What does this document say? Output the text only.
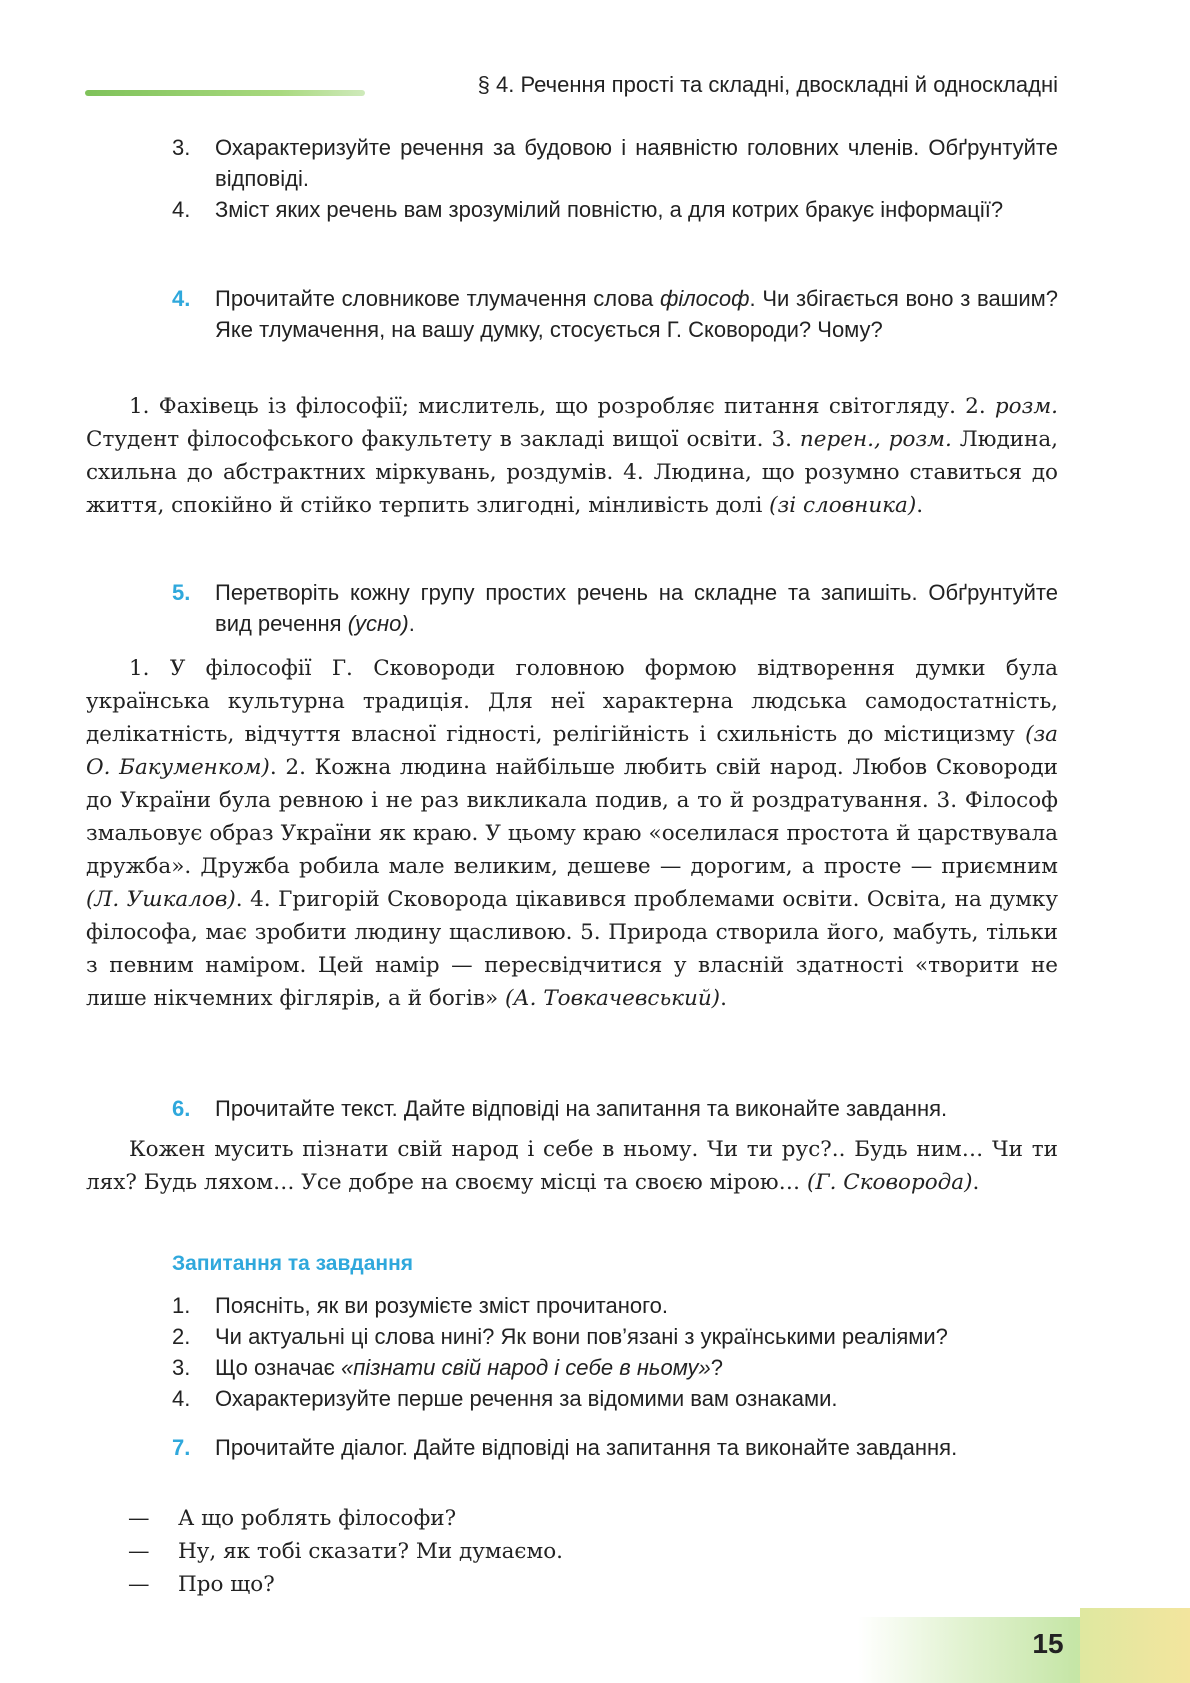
§ 4. Речення прості та складні, двоскладні й односкладні
3. Охарактеризуйте речення за будовою і наявністю головних членів. Обґрунтуйте відповіді.
4. Зміст яких речень вам зрозумілий повністю, а для котрих бракує інформації?
4. Прочитайте словникове тлумачення слова філософ. Чи збігається воно з вашим? Яке тлумачення, на вашу думку, стосується Г. Сковороди? Чому?

1. Фахівець із філософії; мислитель, що розробляє питання світогляду. 2. розм. Студент філософського факультету в закладі вищої освіти. 3. перен., розм. Людина, схильна до абстрактних міркувань, роздумів. 4. Людина, що розумно ставиться до життя, спокійно й стійко терпить злигодні, мінливість долі (зі словника).

5. Перетворіть кожну групу простих речень на складне та запишіть. Обґрунтуйте вид речення (усно).

1. У філософії Г. Сковороди головною формою відтворення думки була українська культурна традиція. Для неї характерна людська самодостатність, делікатність, відчуття власної гідності, релігійність і схильність до містицизму (за О. Бакуменком). 2. Кожна людина найбільше любить свій народ. Любов Сковороди до України була ревною і не раз викликала подив, а то й роздратування. 3. Філософ змальовує образ України як краю. У цьому краю «оселилася простота й царствувала дружба». Дружба робила мале великим, дешеве — дорогим, а просте — приємним (Л. Ушкалов). 4. Григорій Сковорода цікавився проблемами освіти. Освіта, на думку філософа, має зробити людину щасливою. 5. Природа створила його, мабуть, тільки з певним наміром. Цей намір — пересвідчитися у власній здатності «творити не лише нікчемних фіглярів, а й богів» (А. Товкачевський).

6. Прочитайте текст. Дайте відповіді на запитання та виконайте завдання.

Кожен мусить пізнати свій народ і себе в ньому. Чи ти рус?.. Будь ним… Чи ти лях? Будь ляхом… Усе добре на своєму місці та своєю мірою… (Г. Сковорода).

Запитання та завдання
1. Поясніть, як ви розумієте зміст прочитаного.
2. Чи актуальні ці слова нині? Як вони пов’язані з українськими реаліями?
3. Що означає «пізнати свій народ і себе в ньому»?
4. Охарактеризуйте перше речення за відомими вам ознаками.
7. Прочитайте діалог. Дайте відповіді на запитання та виконайте завдання.
— А що роблять філософи?
— Ну, як тобі сказати? Ми думаємо.
— Про що?
15
